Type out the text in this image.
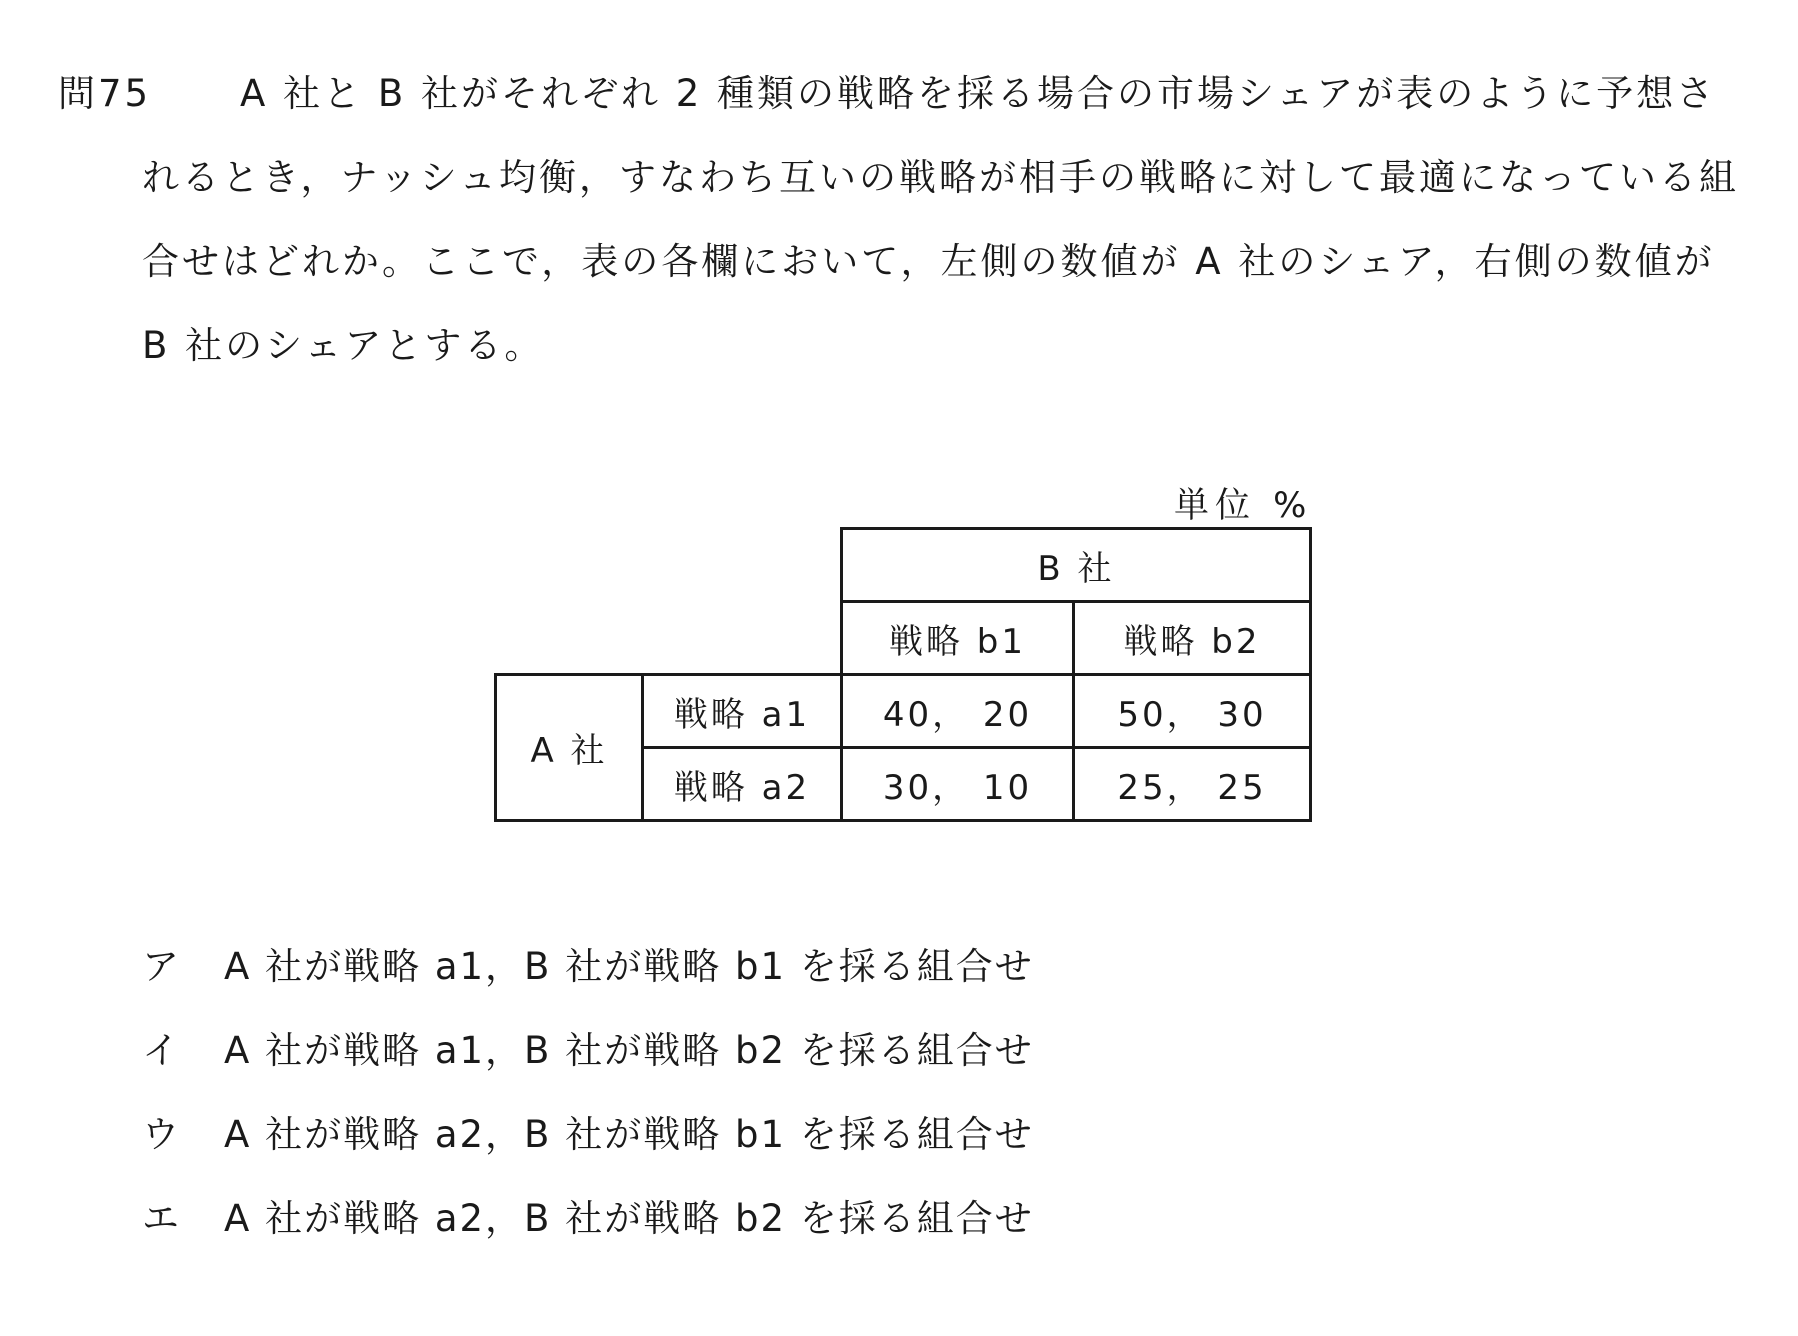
問75	A 社と B 社がそれぞれ 2 種類の戦略を採る場合の市場シェアが表のように予想されるとき，ナッシュ均衡，すなわち互いの戦略が相手の戦略に対して最適になっている組合せはどれか。ここで，表の各欄において，左側の数値が A 社のシェア，右側の数値が B 社のシェアとする。
単位 %
		B 社	
		戦略 b1	戦略 b2
A 社	戦略 a1	40， 20	50， 30
	戦略 a2	30， 10	25， 25
ア	A 社が戦略 a1，B 社が戦略 b1 を採る組合せ
イ	A 社が戦略 a1，B 社が戦略 b2 を採る組合せ
ウ	A 社が戦略 a2，B 社が戦略 b1 を採る組合せ
エ	A 社が戦略 a2，B 社が戦略 b2 を採る組合せ
